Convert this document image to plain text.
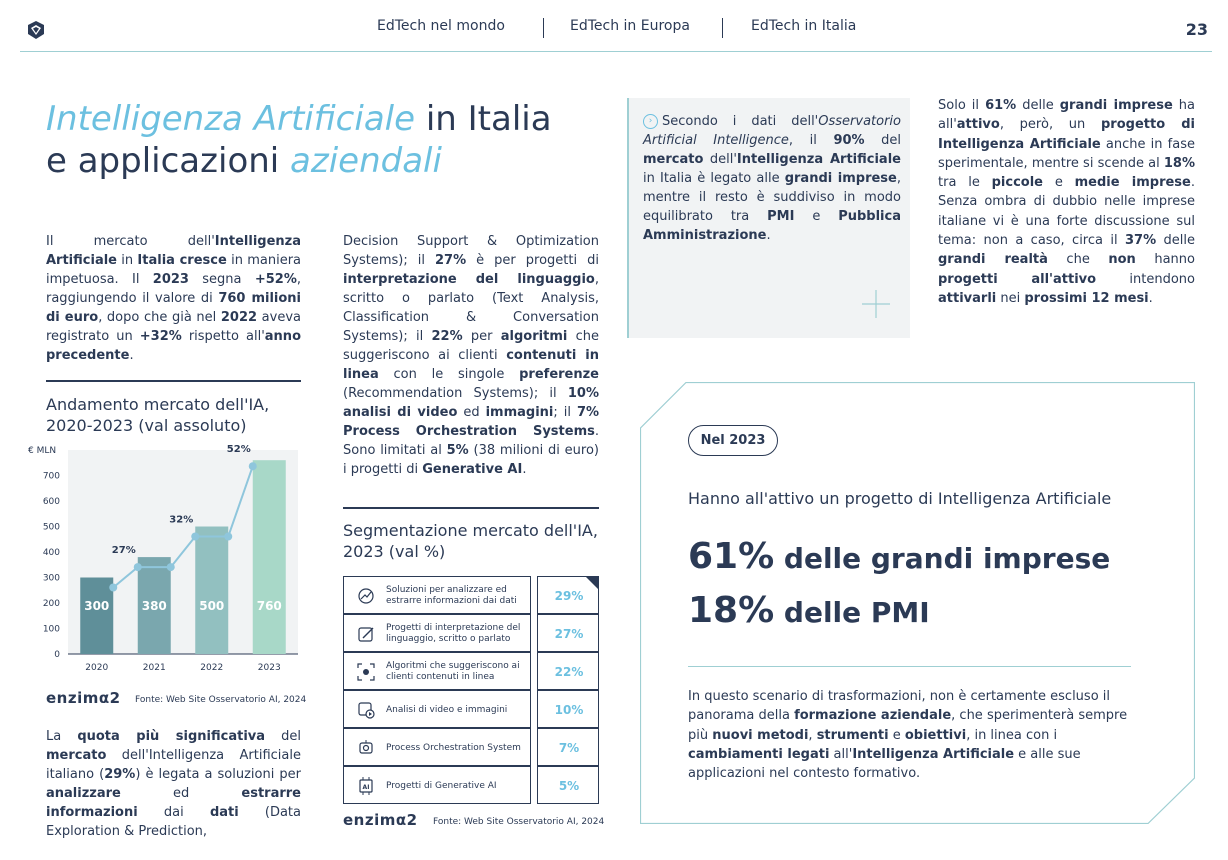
EdTech nel mondo	EdTech in Europa	EdTech in Italia	23
Intelligenza Artificiale in Italia
e applicazioni aziendali
Il mercato dell'Intelligenza Artificiale in Italia cresce in maniera impetuosa. Il 2023 segna +52%, raggiungendo il valore di 760 milioni di euro, dopo che già nel 2022 aveva registrato un +32% rispetto all'anno precedente.
Andamento mercato dell'IA, 2020-2023 (val assoluto)
€ MLN
0
100
200
300
400
500
600
700
300
2020
380
2021
500
2022
760
2023
27%
32%
52%
enzimα2 Fonte: Web Site Osservatorio AI, 2024
La quota più significativa del mercato dell'Intelligenza Artificiale italiano (29%) è legata a soluzioni per analizzare ed estrarre informazioni dai dati (Data Exploration & Prediction,
Decision Support & Optimization Systems); il 27% è per progetti di interpretazione del linguaggio, scritto o parlato (Text Analysis, Classification & Conversation Systems); il 22% per algoritmi che suggeriscono ai clienti contenuti in linea con le singole preferenze (Recommendation Systems); il 10% analisi di video ed immagini; il 7% Process Orchestration Systems. Sono limitati al 5% (38 milioni di euro) i progetti di Generative AI.
Segmentazione mercato dell'IA, 2023 (val %)
Soluzioni per analizzare ed estrarre informazioni dai dati	29%
Progetti di interpretazione del linguaggio, scritto o parlato	27%
Algoritmi che suggeriscono ai clienti contenuti in linea	22%
Analisi di video e immagini	10%
Process Orchestration System	7%
AI Progetti di Generative AI	5%
enzimα2 Fonte: Web Site Osservatorio AI, 2024
› Secondo i dati dell'Osservatorio Artificial Intelligence, il 90% del mercato dell'Intelligenza Artificiale in Italia è legato alle grandi imprese, mentre il resto è suddiviso in modo equilibrato tra PMI e Pubblica Amministrazione.
Solo il 61% delle grandi imprese ha all'attivo, però, un progetto di Intelligenza Artificiale anche in fase sperimentale, mentre si scende al 18% tra le piccole e medie imprese. Senza ombra di dubbio nelle imprese italiane vi è una forte discussione sul tema: non a caso, circa il 37% delle grandi realtà che non hanno progetti all'attivo intendono attivarli nei prossimi 12 mesi.
Nel 2023
Hanno all'attivo un progetto di Intelligenza Artificiale
61% delle grandi imprese
18% delle PMI
In questo scenario di trasformazioni, non è certamente escluso il panorama della formazione aziendale, che sperimenterà sempre più nuovi metodi, strumenti e obiettivi, in linea con i cambiamenti legati all'Intelligenza Artificiale e alle sue applicazioni nel contesto formativo.
